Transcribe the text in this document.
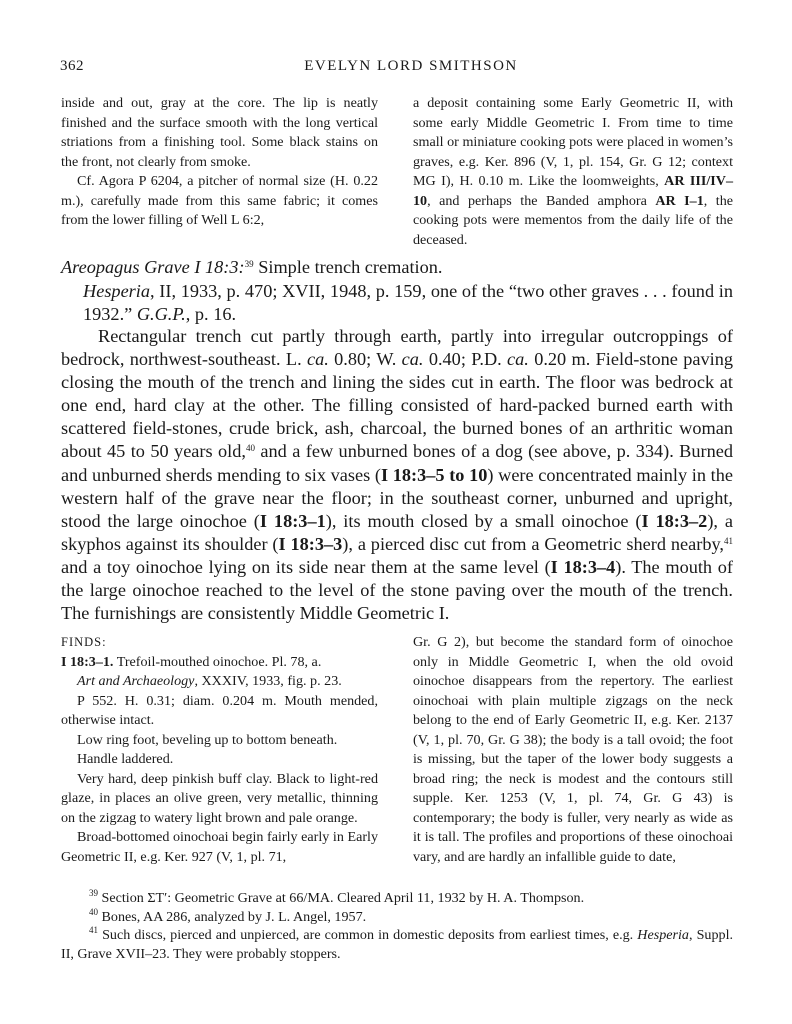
362	EVELYN LORD SMITHSON

inside and out, gray at the core. The lip is neatly finished and the surface smooth with the long vertical striations from a finishing tool. Some black stains on the front, not clearly from smoke.

Cf. Agora P 6204, a pitcher of normal size (H. 0.22 m.), carefully made from this same fabric; it comes from the lower filling of Well L 6:2,

a deposit containing some Early Geometric II, with some early Middle Geometric I. From time to time small or miniature cooking pots were placed in women’s graves, e.g. Ker. 896 (V, 1, pl. 154, Gr. G 12; context MG I), H. 0.10 m. Like the loomweights, AR III/IV–10, and perhaps the Banded amphora AR I–1, the cooking pots were mementos from the daily life of the deceased.

Areopagus Grave I 18:3:$^{39}$ Simple trench cremation.

Hesperia, II, 1933, p. 470; XVII, 1948, p. 159, one of the “two other graves . . . found in 1932.” G.G.P., p. 16.

Rectangular trench cut partly through earth, partly into irregular outcroppings of bedrock, northwest-southeast. L. ca. 0.80; W. ca. 0.40; P.D. ca. 0.20 m. Field-stone paving closing the mouth of the trench and lining the sides cut in earth. The floor was bedrock at one end, hard clay at the other. The filling consisted of hard-packed burned earth with scattered field-stones, crude brick, ash, charcoal, the burned bones of an arthritic woman about 45 to 50 years old,$^{40}$ and a few unburned bones of a dog (see above, p. 334). Burned and unburned sherds mending to six vases (I 18:3–5 to 10) were concentrated mainly in the western half of the grave near the floor; in the southeast corner, unburned and upright, stood the large oinochoe (I 18:3–1), its mouth closed by a small oinochoe (I 18:3–2), a skyphos against its shoulder (I 18:3–3), a pierced disc cut from a Geometric sherd nearby,$^{41}$ and a toy oinochoe lying on its side near them at the same level (I 18:3–4). The mouth of the large oinochoe reached to the level of the stone paving over the mouth of the trench. The furnishings are consistently Middle Geometric I.

FINDS:

I 18:3–1. Trefoil-mouthed oinochoe. Pl. 78, a.

Art and Archaeology, XXXIV, 1933, fig. p. 23.

P 552. H. 0.31; diam. 0.204 m. Mouth mended, otherwise intact.

Low ring foot, beveling up to bottom beneath.

Handle laddered.

Very hard, deep pinkish buff clay. Black to light-red glaze, in places an olive green, very metallic, thinning on the zigzag to watery light brown and pale orange.

Broad-bottomed oinochoai begin fairly early in Early Geometric II, e.g. Ker. 927 (V, 1, pl. 71,

Gr. G 2), but become the standard form of oinochoe only in Middle Geometric I, when the old ovoid oinochoe disappears from the repertory. The earliest oinochoai with plain multiple zigzags on the neck belong to the end of Early Geometric II, e.g. Ker. 2137 (V, 1, pl. 70, Gr. G 38); the body is a tall ovoid; the foot is missing, but the taper of the lower body suggests a broad ring; the neck is modest and the contours still supple. Ker. 1253 (V, 1, pl. 74, Gr. G 43) is contemporary; the body is fuller, very nearly as wide as it is tall. The profiles and proportions of these oinochoai vary, and are hardly an infallible guide to date,

$^{39}$ Section ΣΤ′: Geometric Grave at 66/MA. Cleared April 11, 1932 by H. A. Thompson.

$^{40}$ Bones, AA 286, analyzed by J. L. Angel, 1957.

$^{41}$ Such discs, pierced and unpierced, are common in domestic deposits from earliest times, e.g. Hesperia, Suppl. II, Grave XVII–23. They were probably stoppers.
